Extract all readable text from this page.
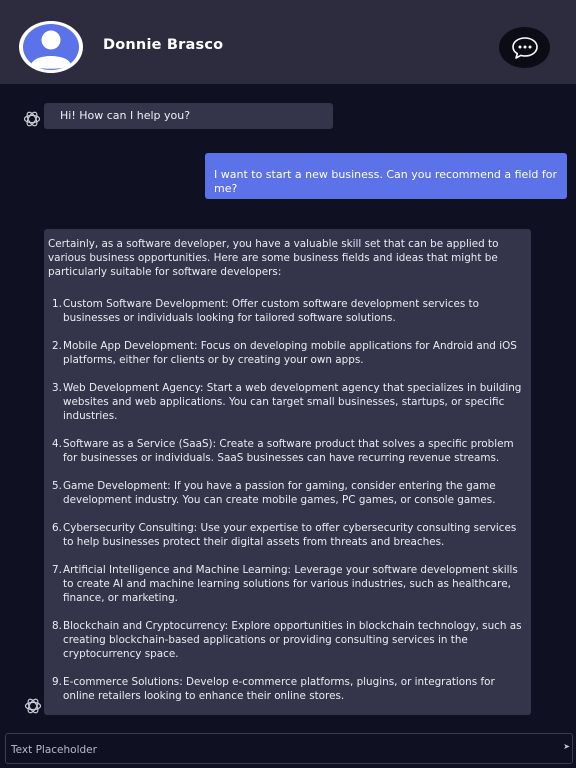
Donnie Brasco
Hi! How can I help you?
I want to start a new business. Can you recommend a field for me?

Certainly, as a software developer, you have a valuable skill set that can be applied to various business opportunities. Here are some business fields and ideas that might be particularly suitable for software developers:

1. Custom Software Development: Offer custom software development services to businesses or individuals looking for tailored software solutions.
2. Mobile App Development: Focus on developing mobile applications for Android and iOS platforms, either for clients or by creating your own apps.
3. Web Development Agency: Start a web development agency that specializes in building websites and web applications. You can target small businesses, startups, or specific industries.
4. Software as a Service (SaaS): Create a software product that solves a specific problem for businesses or individuals. SaaS businesses can have recurring revenue streams.
5. Game Development: If you have a passion for gaming, consider entering the game development industry. You can create mobile games, PC games, or console games.
6. Cybersecurity Consulting: Use your expertise to offer cybersecurity consulting services to help businesses protect their digital assets from threats and breaches.
7. Artificial Intelligence and Machine Learning: Leverage your software development skills to create AI and machine learning solutions for various industries, such as healthcare, finance, or marketing.
8. Blockchain and Cryptocurrency: Explore opportunities in blockchain technology, such as creating blockchain-based applications or providing consulting services in the cryptocurrency space.
9. E-commerce Solutions: Develop e-commerce platforms, plugins, or integrations for online retailers looking to enhance their online stores.
Text Placeholder
➤
